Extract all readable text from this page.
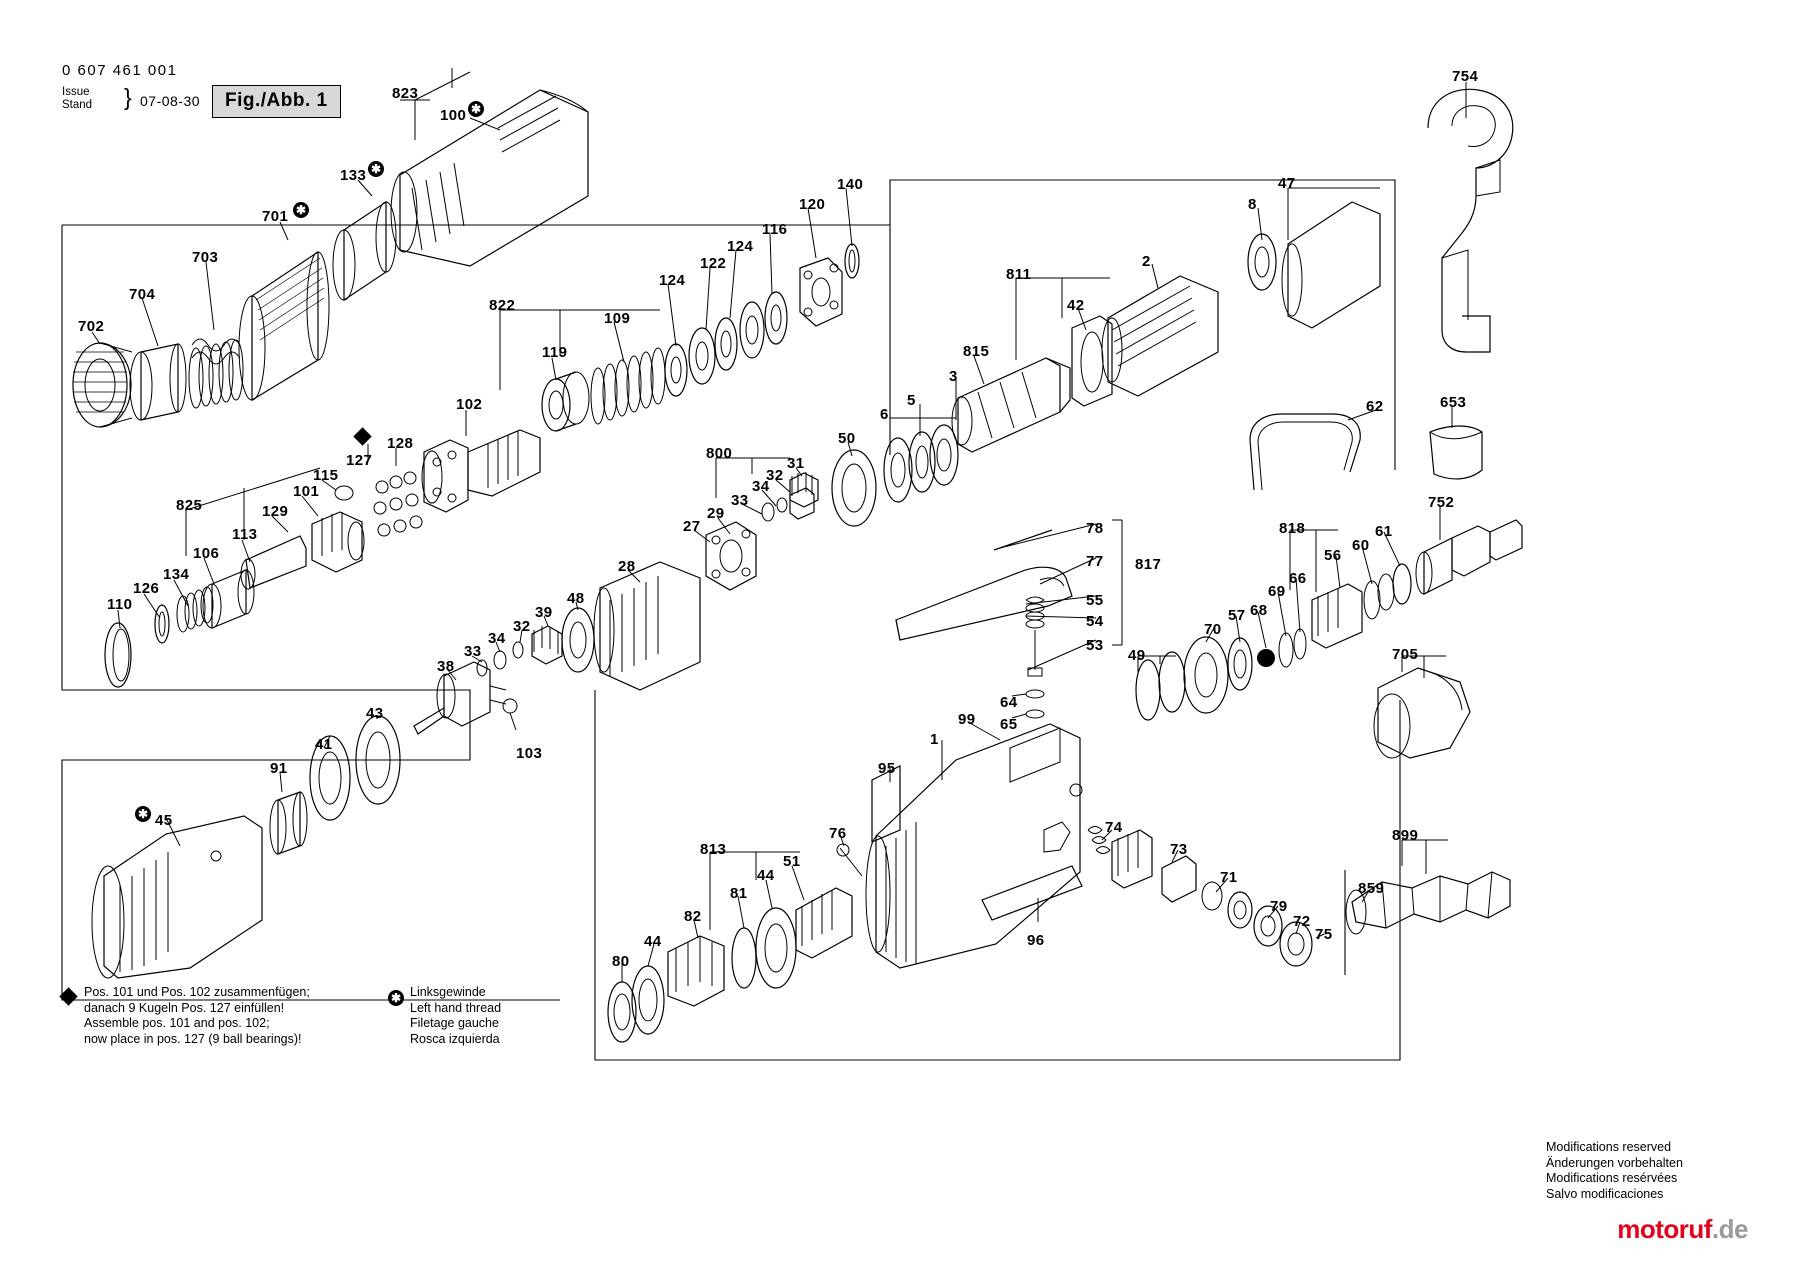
0 607 461 001
Issue
Stand } 07-08-30	Fig./Abb. 1	✱
✱
✱
✱
✱
823
100
133
701
703
704
702
822
119
109
124
122
124
116
120
140
102
128
127
115
101
129
825
113
106
134
126
110
800
27
29
33
34
32
31
50
28
48
39
32
34
33
38
103
43
41
91
45
811
815
42
2
8
47
754
3
5
6	62	653
752
818	61
60
56
66
69
68
57
70
78
77 817
55
54
53
64
65
49	705
1
99
95
96
76	74
73
71
79
72
75
899
859
813
82
81
44
51
44
80
Pos. 101 und Pos. 102 zusammenfügen;
danach 9 Kugeln Pos. 127 einfüllen!
Assemble pos. 101 and pos. 102;
now place in pos. 127 (9 ball bearings)!
Linksgewinde
Left hand thread
Filetage gauche
Rosca izquierda
Modifications reserved
Änderungen vorbehalten
Modifications resérvées
Salvo modificaciones
motoruf.de
